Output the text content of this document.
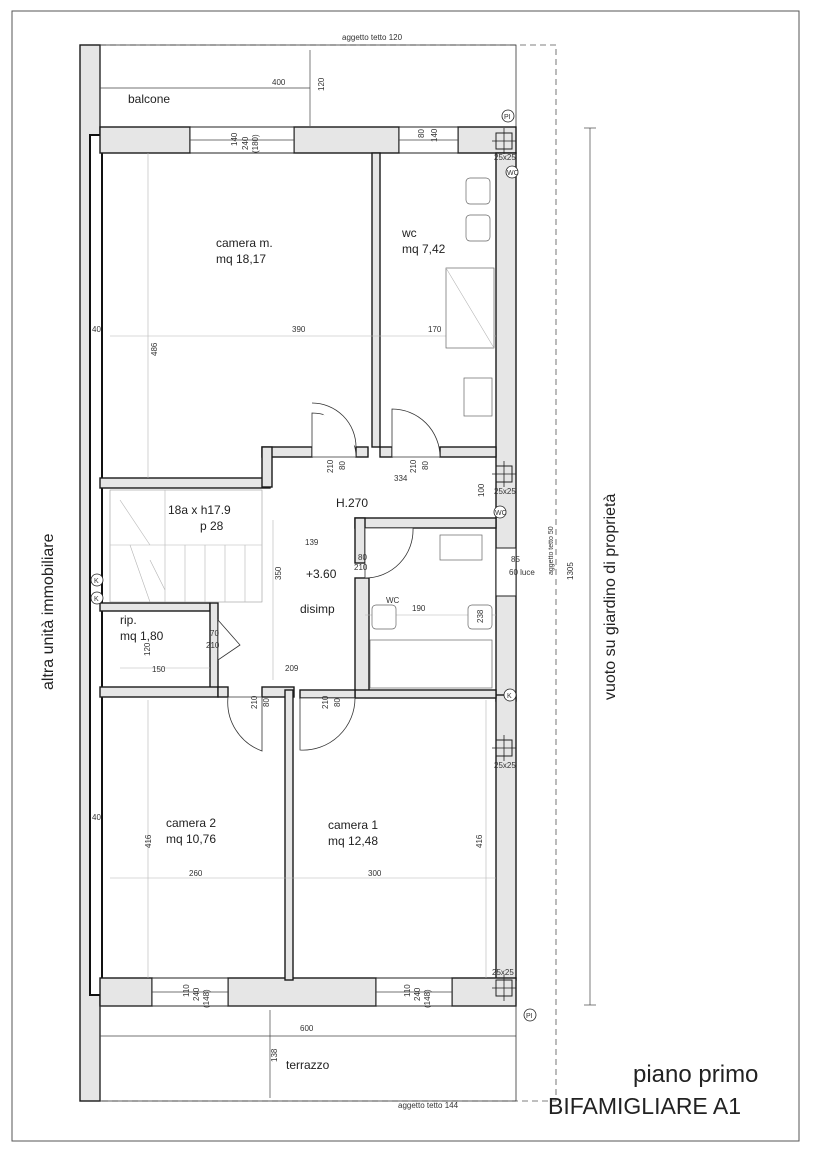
balcone
camera m.
mq 18,17
wc
mq 7,42
18a x h17.9
p 28
H.270
+3.60
disimp
rip.
mq 1,80
WC
camera 2
mq 10,76
camera 1
mq 12,48
terrazzo
altra unità immobiliare	vuoto su giardino di proprietà
piano primo
BIFAMIGLIARE A1
aggetto tetto 120
aggetto tetto 50
aggetto tetto 144
400	120
140 240 (180)
80 140
25x25
25x25
25x25
25x25
40
40
390
486
170
210 80	210 80
334
100
139
80
210
350
190
238
85
60 luce	1305
70
210
120
150	209
210 80	210 80
416
260	300
416
110 240 (148)	110 240 (148)
600
138
WC
WC
K
K
K
PI
PI
